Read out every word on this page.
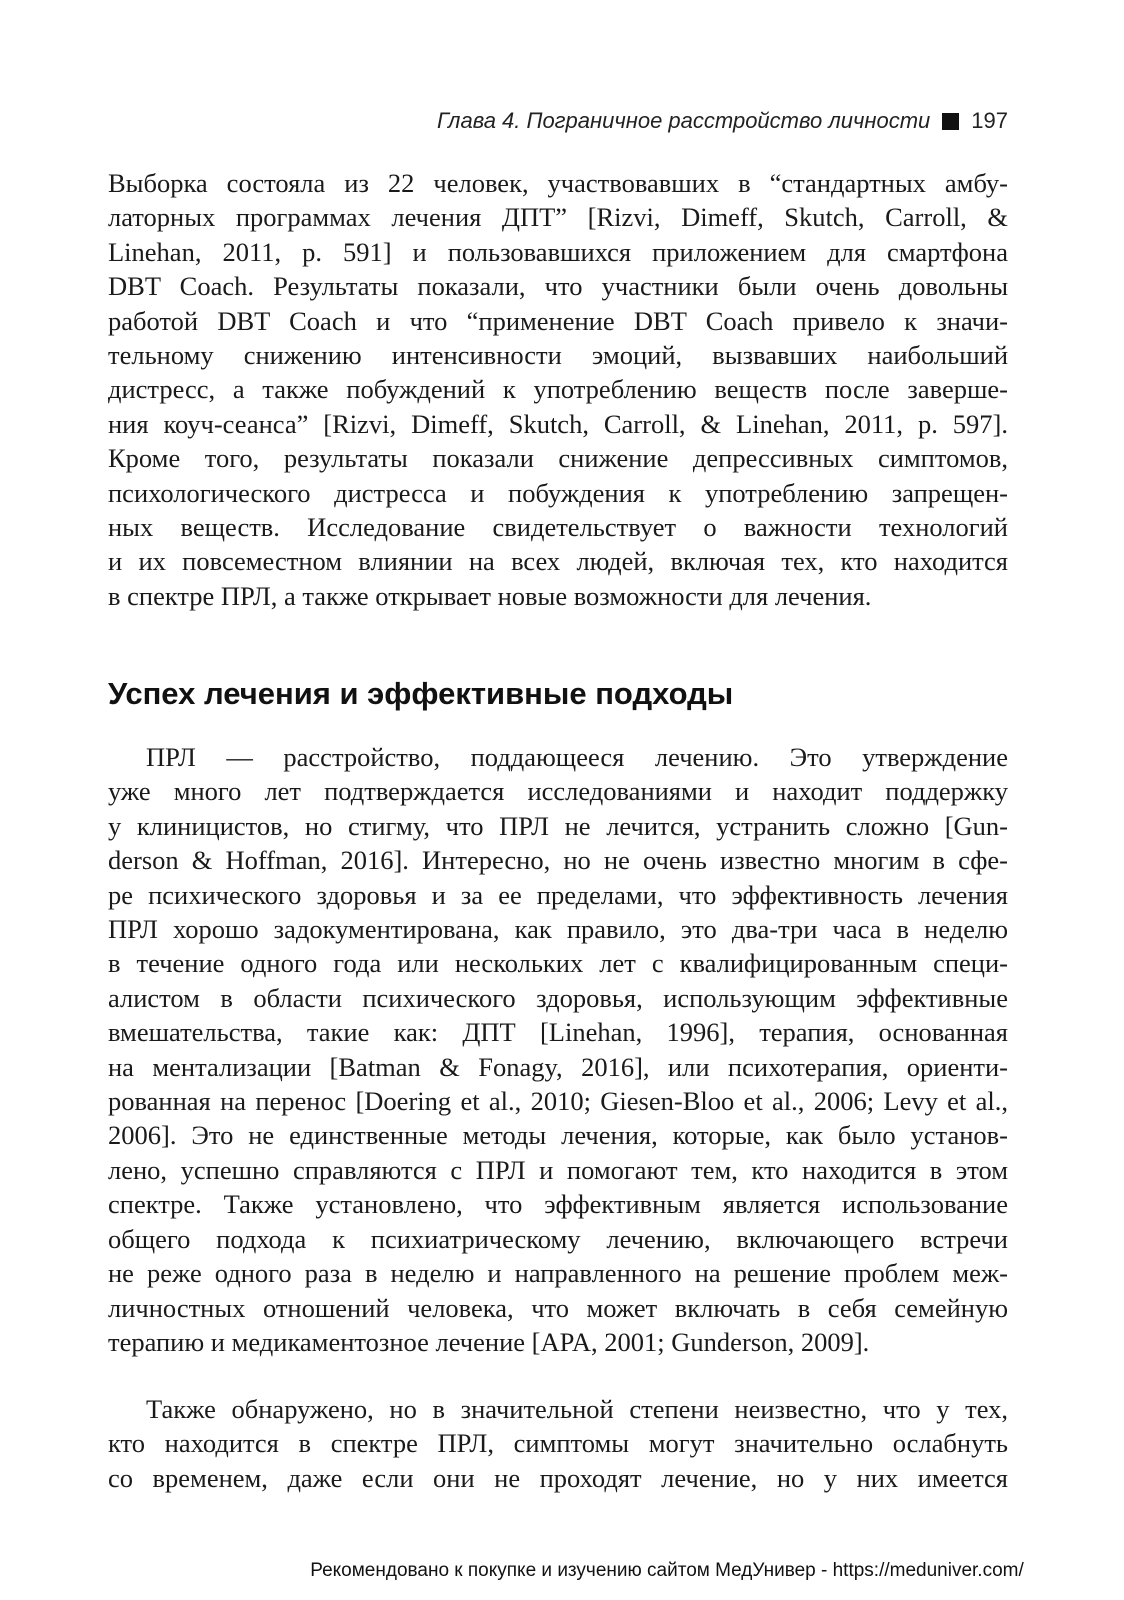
Глава 4. Пограничное расстройство личности 197

Выборка состояла из 22 человек, участвовавших в “стандартных амбу-
латорных программах лечения ДПТ” [Rizvi, Dimeff, Skutch, Carroll, &
Linehan, 2011, p. 591] и пользовавшихся приложением для смартфона
DBT Coach. Результаты показали, что участники были очень довольны
работой DBT Coach и что “применение DBT Coach привело к значи-
тельному снижению интенсивности эмоций, вызвавших наибольший
дистресс, а также побуждений к употреблению веществ после заверше-
ния коуч-сеанса” [Rizvi, Dimeff, Skutch, Carroll, & Linehan, 2011, p. 597].
Кроме того, результаты показали снижение депрессивных симптомов,
психологического дистресса и побуждения к употреблению запрещен-
ных веществ. Исследование свидетельствует о важности технологий
и их повсеместном влиянии на всех людей, включая тех, кто находится
в спектре ПРЛ, а также открывает новые возможности для лечения.

Успех лечения и эффективные подходы

ПРЛ — расстройство, поддающееся лечению. Это утверждение
уже много лет подтверждается исследованиями и находит поддержку
у клиницистов, но стигму, что ПРЛ не лечится, устранить сложно [Gun-
derson & Hoffman, 2016]. Интересно, но не очень известно многим в сфе-
ре психического здоровья и за ее пределами, что эффективность лечения
ПРЛ хорошо задокументирована, как правило, это два-три часа в неделю
в течение одного года или нескольких лет с квалифицированным специ-
алистом в области психического здоровья, использующим эффективные
вмешательства, такие как: ДПТ [Linehan, 1996], терапия, основанная
на ментализации [Batman & Fonagy, 2016], или психотерапия, ориенти-
рованная на перенос [Doering et al., 2010; Giesen-Bloo et al., 2006; Levy et al.,
2006]. Это не единственные методы лечения, которые, как было установ-
лено, успешно справляются с ПРЛ и помогают тем, кто находится в этом
спектре. Также установлено, что эффективным является использование
общего подхода к психиатрическому лечению, включающего встречи
не реже одного раза в неделю и направленного на решение проблем меж-
личностных отношений человека, что может включать в себя семейную
терапию и медикаментозное лечение [APA, 2001; Gunderson, 2009].

Также обнаружено, но в значительной степени неизвестно, что у тех,
кто находится в спектре ПРЛ, симптомы могут значительно ослабнуть
со временем, даже если они не проходят лечение, но у них имеется

Рекомендовано к покупке и изучению сайтом МедУнивер - https://meduniver.com/
